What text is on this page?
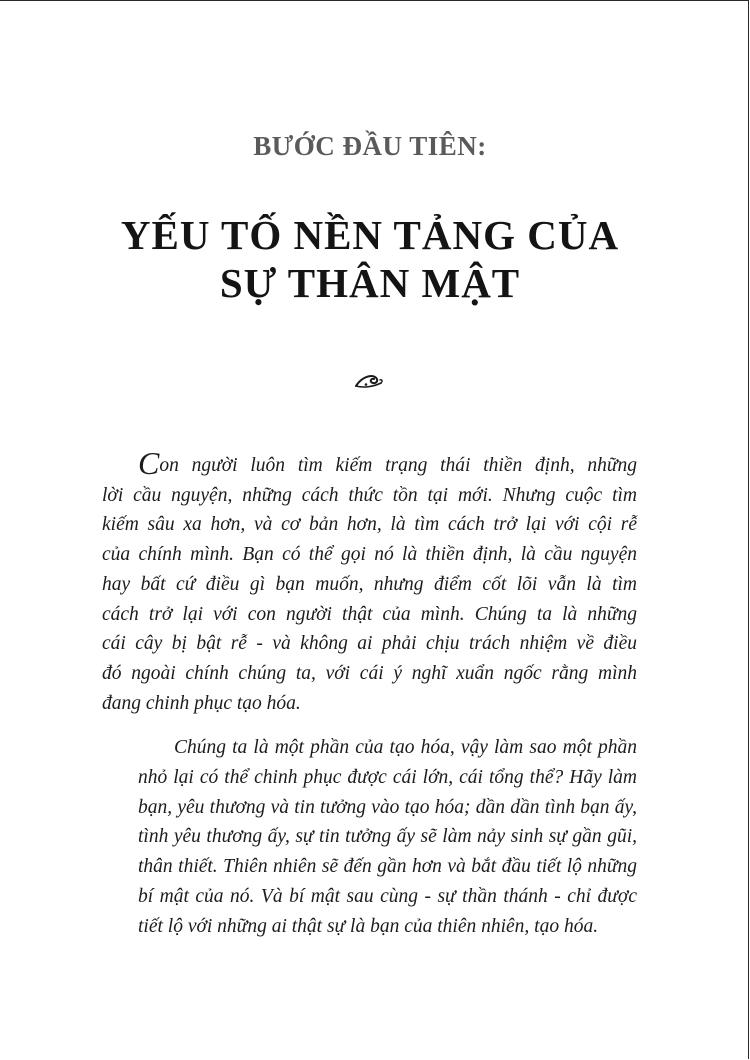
BƯỚC ĐẦU TIÊN:
YẾU TỐ NỀN TẢNG CỦA
SỰ THÂN MẬT
Con người luôn tìm kiếm trạng thái thiền định, những
lời cầu nguyện, những cách thức tồn tại mới. Nhưng cuộc tìm
kiếm sâu xa hơn, và cơ bản hơn, là tìm cách trở lại với cội rễ
của chính mình. Bạn có thể gọi nó là thiền định, là cầu nguyện
hay bất cứ điều gì bạn muốn, nhưng điểm cốt lõi vẫn là tìm
cách trở lại với con người thật của mình. Chúng ta là những
cái cây bị bật rễ - và không ai phải chịu trách nhiệm về điều
đó ngoài chính chúng ta, với cái ý nghĩ xuẩn ngốc rằng mình
đang chinh phục tạo hóa.
Chúng ta là một phần của tạo hóa, vậy làm sao một phần
nhỏ lại có thể chinh phục được cái lớn, cái tổng thể? Hãy làm
bạn, yêu thương và tin tưởng vào tạo hóa; dần dần tình bạn ấy,
tình yêu thương ấy, sự tin tưởng ấy sẽ làm nảy sinh sự gần gũi,
thân thiết. Thiên nhiên sẽ đến gần hơn và bắt đầu tiết lộ những
bí mật của nó. Và bí mật sau cùng - sự thần thánh - chỉ được
tiết lộ với những ai thật sự là bạn của thiên nhiên, tạo hóa.
